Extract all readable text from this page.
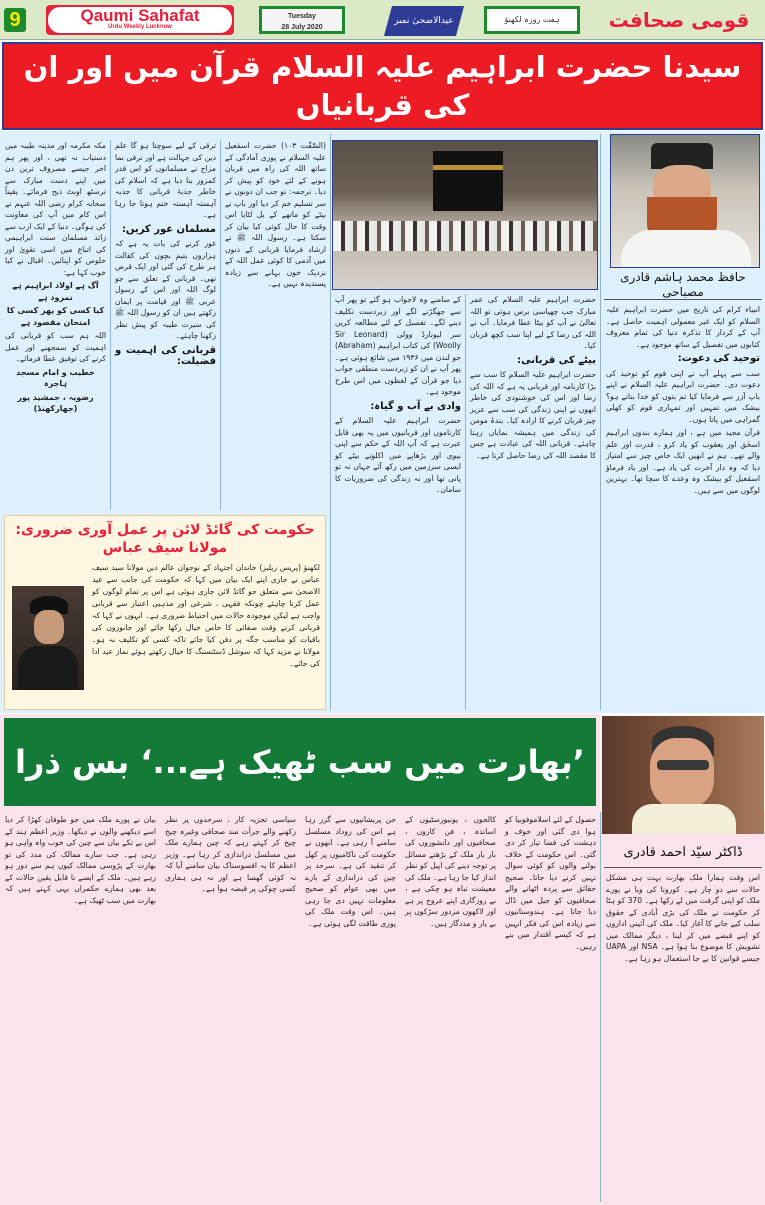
9	Qaumi Sahafat
Urdu Weekly Lucknow
Tuesday
28 July 2020
عیدالاضحیٰ نمبر	ہفت روزہ لکھنؤ	قومی صحافت
سیدنا حضرت ابراہیم علیہ السلام قرآن میں اور ان کی قربانیاں
حافظ محمد ہاشم قادری مصباحی

انبیاء کرام کی تاریخ میں حضرت ابراہیم علیہ السلام کو ایک غیر معمولی اہمیت حاصل ہے۔ آپ کے کردار کا تذکرہ دنیا کی تمام معروف کتابوں میں تفصیل کے ساتھ موجود ہے۔

توحید کی دعوت:

سب سے پہلے آپ نے اپنی قوم کو توحید کی دعوت دی۔ حضرت ابراہیم علیہ السلام نے اپنے باپ آزر سے فرمایا کیا تم بتوں کو خدا بناتے ہو؟ بیشک میں تمہیں اور تمہاری قوم کو کھلی گمراہی میں پاتا ہوں۔

قرآن مجید میں ہے ، اور ہمارے بندوں ابراہیم اسحٰق اور یعقوب کو یاد کرو ، قدرت اور علم والے تھے۔ ہم نے انھیں ایک خاص چیز سے امتیاز دیا کہ وہ دار آخرت کی یاد ہے۔ اور یاد فرماؤ اسمٰعیل کو بیشک وہ وعدے کا سچا تھا۔ بہترین لوگوں میں سے ہیں۔

حضرت ابراہیم علیہ السلام کی عمر مبارک جب چھیاسی برس ہوئی تو اللہ تعالیٰ نے آپ کو بیٹا عطا فرمایا۔ آپ نے اللہ کی رضا کے لیے اپنا سب کچھ قربان کیا۔

بیٹے کی قربانی:

حضرت ابراہیم علیہ السلام کا سب سے بڑا کارنامہ اور قربانی یہ ہے کہ اللہ کی رضا اور اس کی خوشنودی کی خاطر انھوں نے اپنی زندگی کی سب سے عزیز چیز قربان کرنے کا ارادہ کیا۔ بندۂ مومن کی زندگی میں ہمیشہ نمایاں رہنا چاہئے۔ قربانی اللہ کی عبادت ہے جس کا مقصد اللہ کی رضا حاصل کرنا ہے۔

کے سامنے وہ لاجواب ہو گئے تو پھر آپ سے جھگڑنے لگے اور زبردست تکلیف دینے لگے۔ تفصیل کے لئے مطالعہ کریں سر لیونارڈ وولی (Sir Leonard Woolly) کی کتاب ابراہیم (Abraham) جو لندن میں ۱۹۳۶ میں شائع ہوئی ہے۔ پھر آپ نے ان کو زبردست منطقی جواب دیا جو قرآن کے لفظوں میں اس طرح موجود ہے۔

وادی بے آب و گیاہ:

حضرت ابراہیم علیہ السلام کے کارناموں اور قربانیوں میں یہ بھی قابل عبرت ہے کہ آپ اللہ کے حکم سے اپنی بیوی اور بڑھاپے میں اکلوتے بیٹے کو ایسی سرزمین میں رکھ آئے جہاں نہ تو پانی تھا اور نہ زندگی کی ضروریات کا سامان۔

(الصّٰفّٰت ۱۰۳) حضرت اسمٰعیل علیہ السلام نے پوری آمادگی کے ساتھ اللہ کی راہ میں قربان ہونے کے لئے خود کو پیش کر دیا۔ ترجمہ: تو جب ان دونوں نے سر تسلیم خم کر دیا اور باپ نے بیٹے کو ماتھے کے بل لٹایا اس وقت کا حال کوئی کیا بیان کر سکتا ہے۔ رسول اللہ ﷺ نے ارشاد فرمایا قربانی کے دنوں میں آدمی کا کوئی عمل اللہ کے نزدیک خون بہانے سے زیادہ پسندیدہ نہیں ہے۔

ترقی کے لیے سوچتا ہو گا علم دین کی جہالت ہے اور ترقی نما مزاج نے مسلمانوں کو اس قدر کمزور بنا دیا ہے کہ اسلام کی خاطر جذبۂ قربانی کا جذبہ آہستہ آہستہ ختم ہوتا جا رہا ہے۔

مسلمان غور کریں:

غور کرنے کی بات یہ ہے کہ ہزاروں یتیم بچوں کی کفالت ہر طرح کی گئی اور ایک قرض تھی۔ قربانی کے تعلق سے جو لوگ اللہ اور اس کے رسول عربی ﷺ اور قیامت پر ایمان رکھتے ہیں ان کو رسول اللہ ﷺ کی سیرت طیبہ کو پیش نظر رکھنا چاہئے۔

قربانی کی اہمیت و فضیلت:

مکہ مکرمہ اور مدینہ طیبہ میں دستیاب نہ تھی ، اور پھر ہم اخر جیسے مصروف ترین دن میں اپنے دست مبارک سے ترسٹھ اونٹ ذبح فرمائے۔ یقیناً صحابہ کرام رضی اللہ عنہم نے اس کام میں آپ کی معاونت کی ہوگی۔ دنیا کے ایک ارب سے زائد مسلمان سنت ابراہیمی کی اتباع میں اسی تقویٰ اور خلوص کو اپنائیں۔ اقبال نے کیا خوب کہا ہے:

آگ ہے اولاد ابراہیم ہے نمرود ہے

کیا کسی کو پھر کسی کا امتحان مقصود ہے

اللہ ہم سب کو قربانی کی اہمیت کو سمجھنے اور عمل کرنے کی توفیق عطا فرمائے۔

خطیب و امام مسجد ہاجرہ

رضویہ ، جمشید پور (جھارکھنڈ)

حکومت کی گائڈ لائن پر عمل آوری ضروری: مولانا سیف عباس

لکھنؤ (پریس ریلیز) خاندان اجتہاد کے نوجوان عالم دین مولانا سید سیف عباس نے جاری اپنے ایک بیان میں کہا کہ حکومت کی جانب سے عید الاضحیٰ سے متعلق جو گائڈ لائن جاری ہوئی ہے اس پر تمام لوگوں کو عمل کرنا چاہئے چونکہ فقہی ، شرعی اور مذہبی اعتبار سے قربانی واجب ہے لیکن موجودہ حالات میں احتیاط ضروری ہے۔ انہوں نے کہا کہ قربانی کرتے وقت صفائی کا خاص خیال رکھا جائے اور جانوروں کی باقیات کو مناسب جگہ پر دفن کیا جائے تاکہ کسی کو تکلیف نہ ہو۔ مولانا نے مزید کہا کہ سوشل ڈسٹنسنگ کا خیال رکھتے ہوئے نماز عید ادا کی جائے۔

’بھارت میں سب ٹھیک ہے...‘ بس ذرا
ڈاکٹر سیّد احمد قادری

اس وقت ہمارا ملک بھارت بہت ہی مشکل حالات سے دو چار ہے۔ کورونا کی وبا نے پورے ملک کو اپنی گرفت میں لے رکھا ہے۔ 370 کو ہٹا کر حکومت نے ملک کی بڑی آبادی کے حقوق سلب کیے جانے کا آغاز کیا۔ ملک کی آئینی اداروں کو اپنے قبضے میں کر لینا ، دیگر ممالک میں تشویش کا موضوع بنا ہوا ہے۔ NSA اور UAPA جیسے قوانین کا بے جا استعمال ہو رہا ہے۔

حصول کے لئے اسلاموفوبیا کو ہوا دی گئی اور خوف و دہشت کی فضا تیار کر دی گئی۔ اس حکومت کے خلاف بولنے والوں کو کوئی سوال نہیں کرنے دیا جاتا۔ صحیح حقائق سے پردہ اٹھانے والے صحافیوں کو جیل میں ڈال دیا جاتا ہے۔ ہندوستانیوں سے زیادہ اس کی فکر انہیں ہے کہ کیسے اقتدار میں بنے رہیں۔

کالجوں ، یونیورسٹیوں کے اساتذہ ، فن کاروں ، صحافیوں اور دانشوروں کی بار بار ملک کے بڑھتے مسائل پر توجہ دینے کی اپیل کو نظر انداز کیا جا رہا ہے۔ ملک کی معیشت تباہ ہو چکی ہے ، بے روزگاری اپنے عروج پر ہے اور لاکھوں مزدور سڑکوں پر بے یار و مددگار ہیں۔

جن پریشانیوں سے گزر رہا ہے اس کی روداد مسلسل سامنے آ رہی ہے۔ انھوں نے حکومت کی ناکامیوں پر کھل کر تنقید کی ہے۔ سرحد پر چین کی دراندازی کے بارے میں بھی عوام کو صحیح معلومات نہیں دی جا رہی ہیں۔ اس وقت ملک کی پوری طاقت لگی ہوئی ہے۔

سیاسی تجزیہ کار ، سرحدوں پر نظر رکھنے والے جرأت مند صحافی وغیرہ چیخ چیخ کر کہتے رہے کہ چین ہمارے ملک میں مسلسل دراندازی کر رہا ہے۔ وزیر اعظم کا یہ افسوسناک بیان سامنے آیا کہ نہ کوئی گھسا ہے اور نہ ہی ہماری کسی چوکی پر قبضہ ہوا ہے۔

بیان نے پورے ملک میں جو طوفان کھڑا کر دیا اسے دیکھنے والوں نے دیکھا۔ وزیر اعظم ہند کے اس بے تکے بیان سے چین کی خوب واہ واہی ہو رہی ہے۔ جب سارے ممالک کی مدد کی تو بھارت کے پڑوسی ممالک کیوں ہم سے دور ہو رہے ہیں۔ ملک کے ایسے نا قابل یقین حالات کے بعد بھی ہمارے حکمراں یہی کہتے ہیں کہ بھارت میں سب ٹھیک ہے۔
